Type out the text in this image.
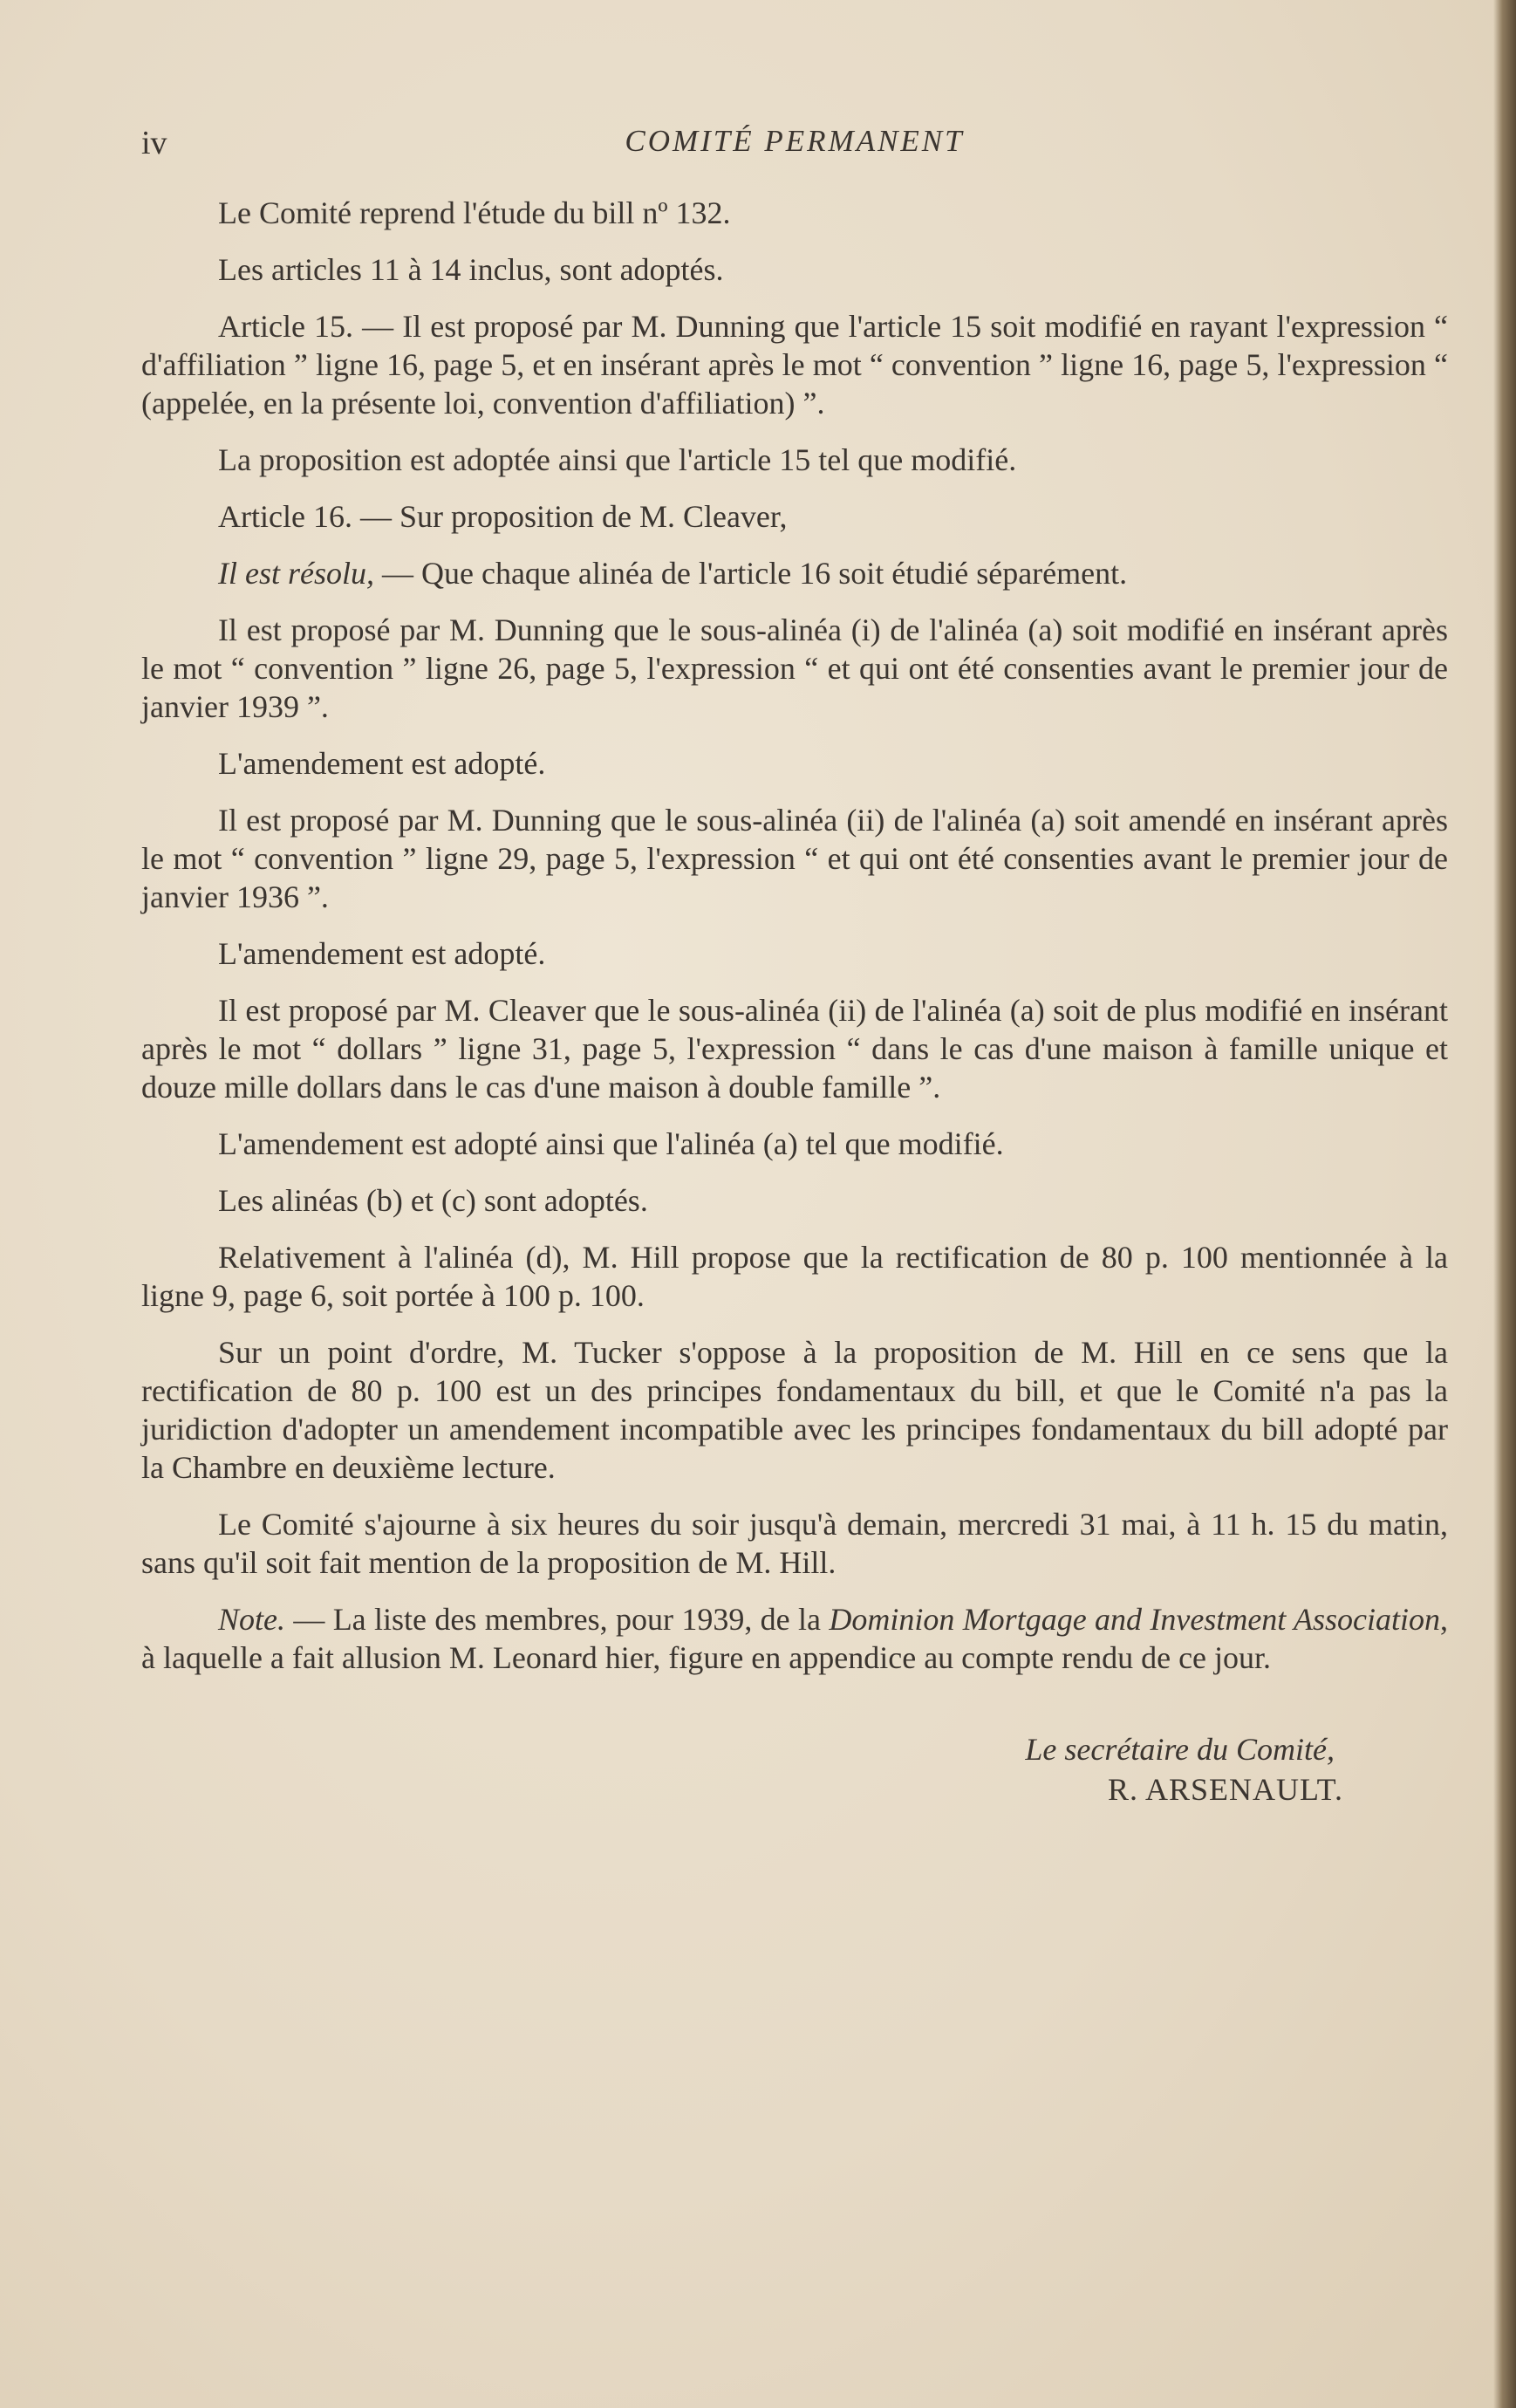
iv	COMITÉ PERMANENT

Le Comité reprend l'étude du bill nº 132.

Les articles 11 à 14 inclus, sont adoptés.

Article 15. — Il est proposé par M. Dunning que l'article 15 soit modifié en rayant l'expression “ d'affiliation ” ligne 16, page 5, et en insérant après le mot “ convention ” ligne 16, page 5, l'expression “ (appelée, en la présente loi, convention d'affiliation) ”.

La proposition est adoptée ainsi que l'article 15 tel que modifié.

Article 16. — Sur proposition de M. Cleaver,

Il est résolu, — Que chaque alinéa de l'article 16 soit étudié séparément.

Il est proposé par M. Dunning que le sous-alinéa (i) de l'alinéa (a) soit modifié en insérant après le mot “ convention ” ligne 26, page 5, l'expression “ et qui ont été consenties avant le premier jour de janvier 1939 ”.

L'amendement est adopté.

Il est proposé par M. Dunning que le sous-alinéa (ii) de l'alinéa (a) soit amendé en insérant après le mot “ convention ” ligne 29, page 5, l'expression “ et qui ont été consenties avant le premier jour de janvier 1936 ”.

L'amendement est adopté.

Il est proposé par M. Cleaver que le sous-alinéa (ii) de l'alinéa (a) soit de plus modifié en insérant après le mot “ dollars ” ligne 31, page 5, l'expression “ dans le cas d'une maison à famille unique et douze mille dollars dans le cas d'une maison à double famille ”.

L'amendement est adopté ainsi que l'alinéa (a) tel que modifié.

Les alinéas (b) et (c) sont adoptés.

Relativement à l'alinéa (d), M. Hill propose que la rectification de 80 p. 100 mentionnée à la ligne 9, page 6, soit portée à 100 p. 100.

Sur un point d'ordre, M. Tucker s'oppose à la proposition de M. Hill en ce sens que la rectification de 80 p. 100 est un des principes fondamentaux du bill, et que le Comité n'a pas la juridiction d'adopter un amendement incompatible avec les principes fondamentaux du bill adopté par la Chambre en deuxième lecture.

Le Comité s'ajourne à six heures du soir jusqu'à demain, mercredi 31 mai, à 11 h. 15 du matin, sans qu'il soit fait mention de la proposition de M. Hill.

Note. — La liste des membres, pour 1939, de la Dominion Mortgage and Investment Association, à laquelle a fait allusion M. Leonard hier, figure en appendice au compte rendu de ce jour.

Le secrétaire du Comité,
R. ARSENAULT.
